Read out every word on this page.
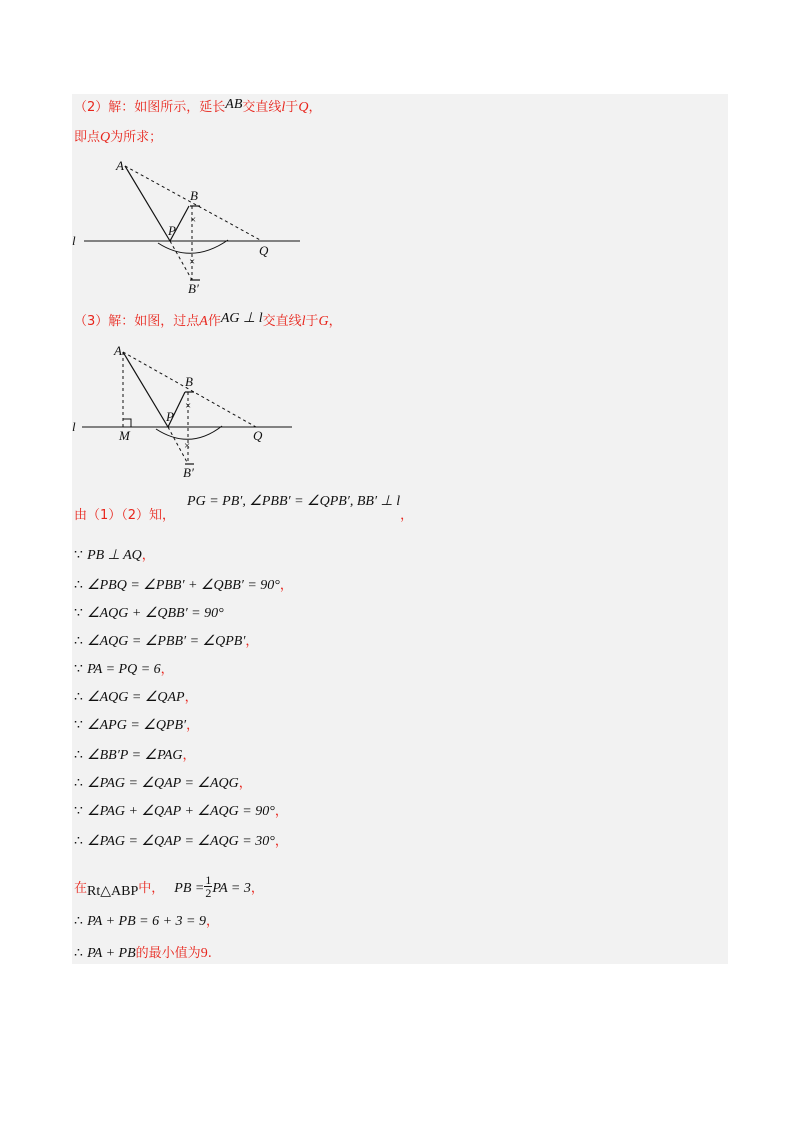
（2）解：如图所示，延长AB交直线l于Q，
即点Q为所求；
×
×
A
B
P
Q
B′
l
（3）解：如图，过点A作AG ⊥ l交直线l于G，
×
×
A
B
P
Q
M
B′
l
由（1）（2）知，PG = PB′, ∠PBB′ = ∠QPB′, BB′ ⊥ l，
∵ PB ⊥ AQ，
∴ ∠PBQ = ∠PBB′ + ∠QBB′ = 90°，
∵ ∠AQG + ∠QBB′ = 90°
∴ ∠AQG = ∠PBB′ = ∠QPB′，
∵ PA = PQ = 6，
∴ ∠AQG = ∠QAP，
∵ ∠APG = ∠QPB′，
∴ ∠BB′P = ∠PAG，
∴ ∠PAG = ∠QAP = ∠AQG，
∵ ∠PAG + ∠QAP + ∠AQG = 90°，
∴ ∠PAG = ∠QAP = ∠AQG = 30°，
在Rt△ABP中， PB = $\frac{1}{2}$ PA = 3，
∴ PA + PB = 6 + 3 = 9，
∴ PA + PB的最小值为9.
